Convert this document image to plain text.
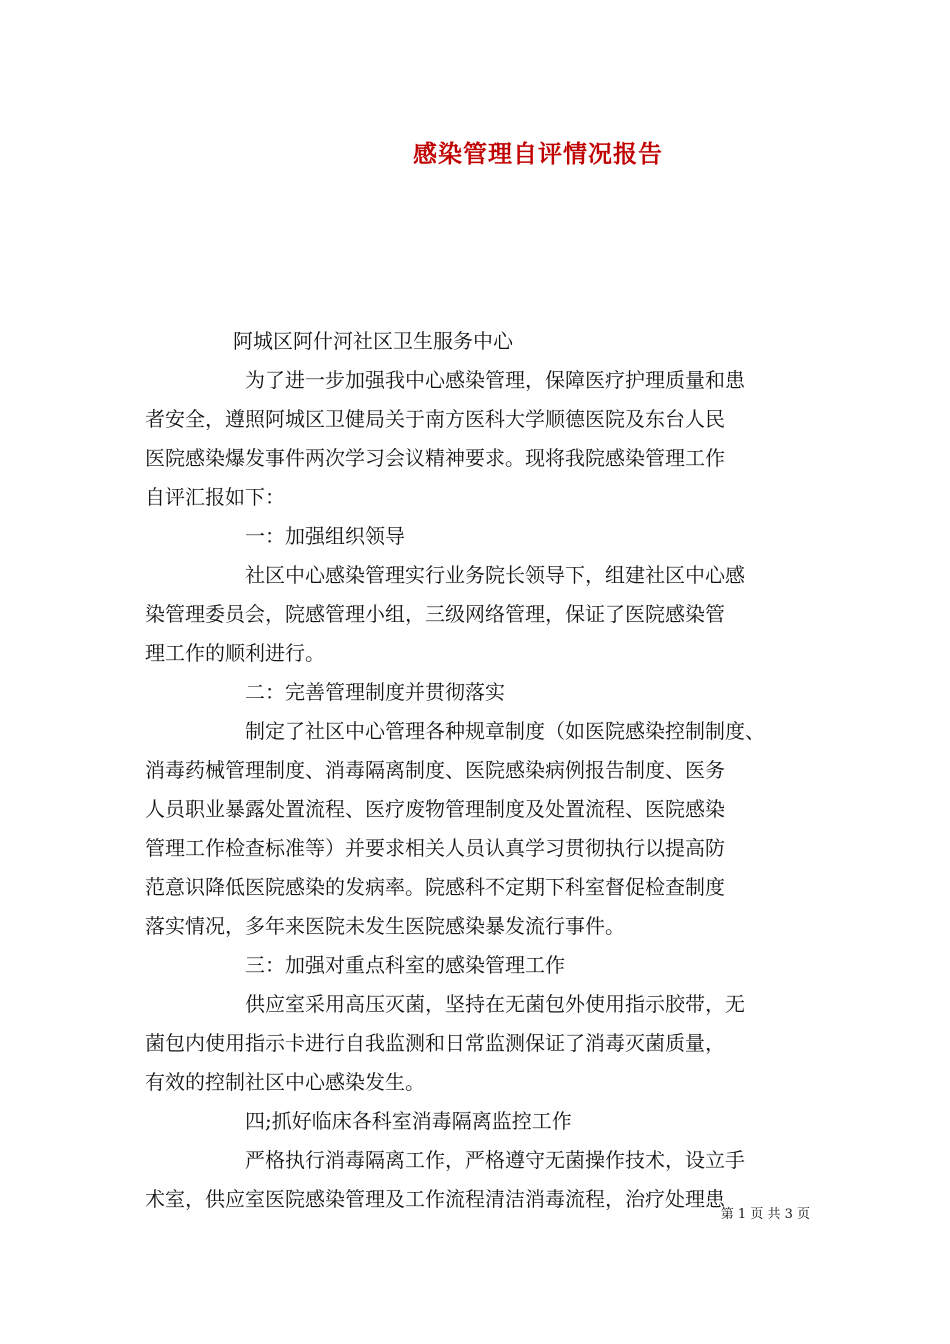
感染管理自评情况报告
阿城区阿什河社区卫生服务中心
为了进一步加强我中心感染管理，保障医疗护理质量和患
者安全，遵照阿城区卫健局关于南方医科大学顺德医院及东台人民
医院感染爆发事件两次学习会议精神要求。现将我院感染管理工作
自评汇报如下：
一：加强组织领导
社区中心感染管理实行业务院长领导下，组建社区中心感
染管理委员会，院感管理小组，三级网络管理，保证了医院感染管
理工作的顺利进行。
二：完善管理制度并贯彻落实
制定了社区中心管理各种规章制度（如医院感染控制制度、
消毒药械管理制度、消毒隔离制度、医院感染病例报告制度、医务
人员职业暴露处置流程、医疗废物管理制度及处置流程、医院感染
管理工作检查标准等）并要求相关人员认真学习贯彻执行以提高防
范意识降低医院感染的发病率。院感科不定期下科室督促检查制度
落实情况，多年来医院未发生医院感染暴发流行事件。
三：加强对重点科室的感染管理工作
供应室采用高压灭菌，坚持在无菌包外使用指示胶带，无
菌包内使用指示卡进行自我监测和日常监测保证了消毒灭菌质量，
有效的控制社区中心感染发生。
四;抓好临床各科室消毒隔离监控工作
严格执行消毒隔离工作，严格遵守无菌操作技术，设立手
术室，供应室医院感染管理及工作流程清洁消毒流程，治疗处理患
第 1 页 共 3 页
